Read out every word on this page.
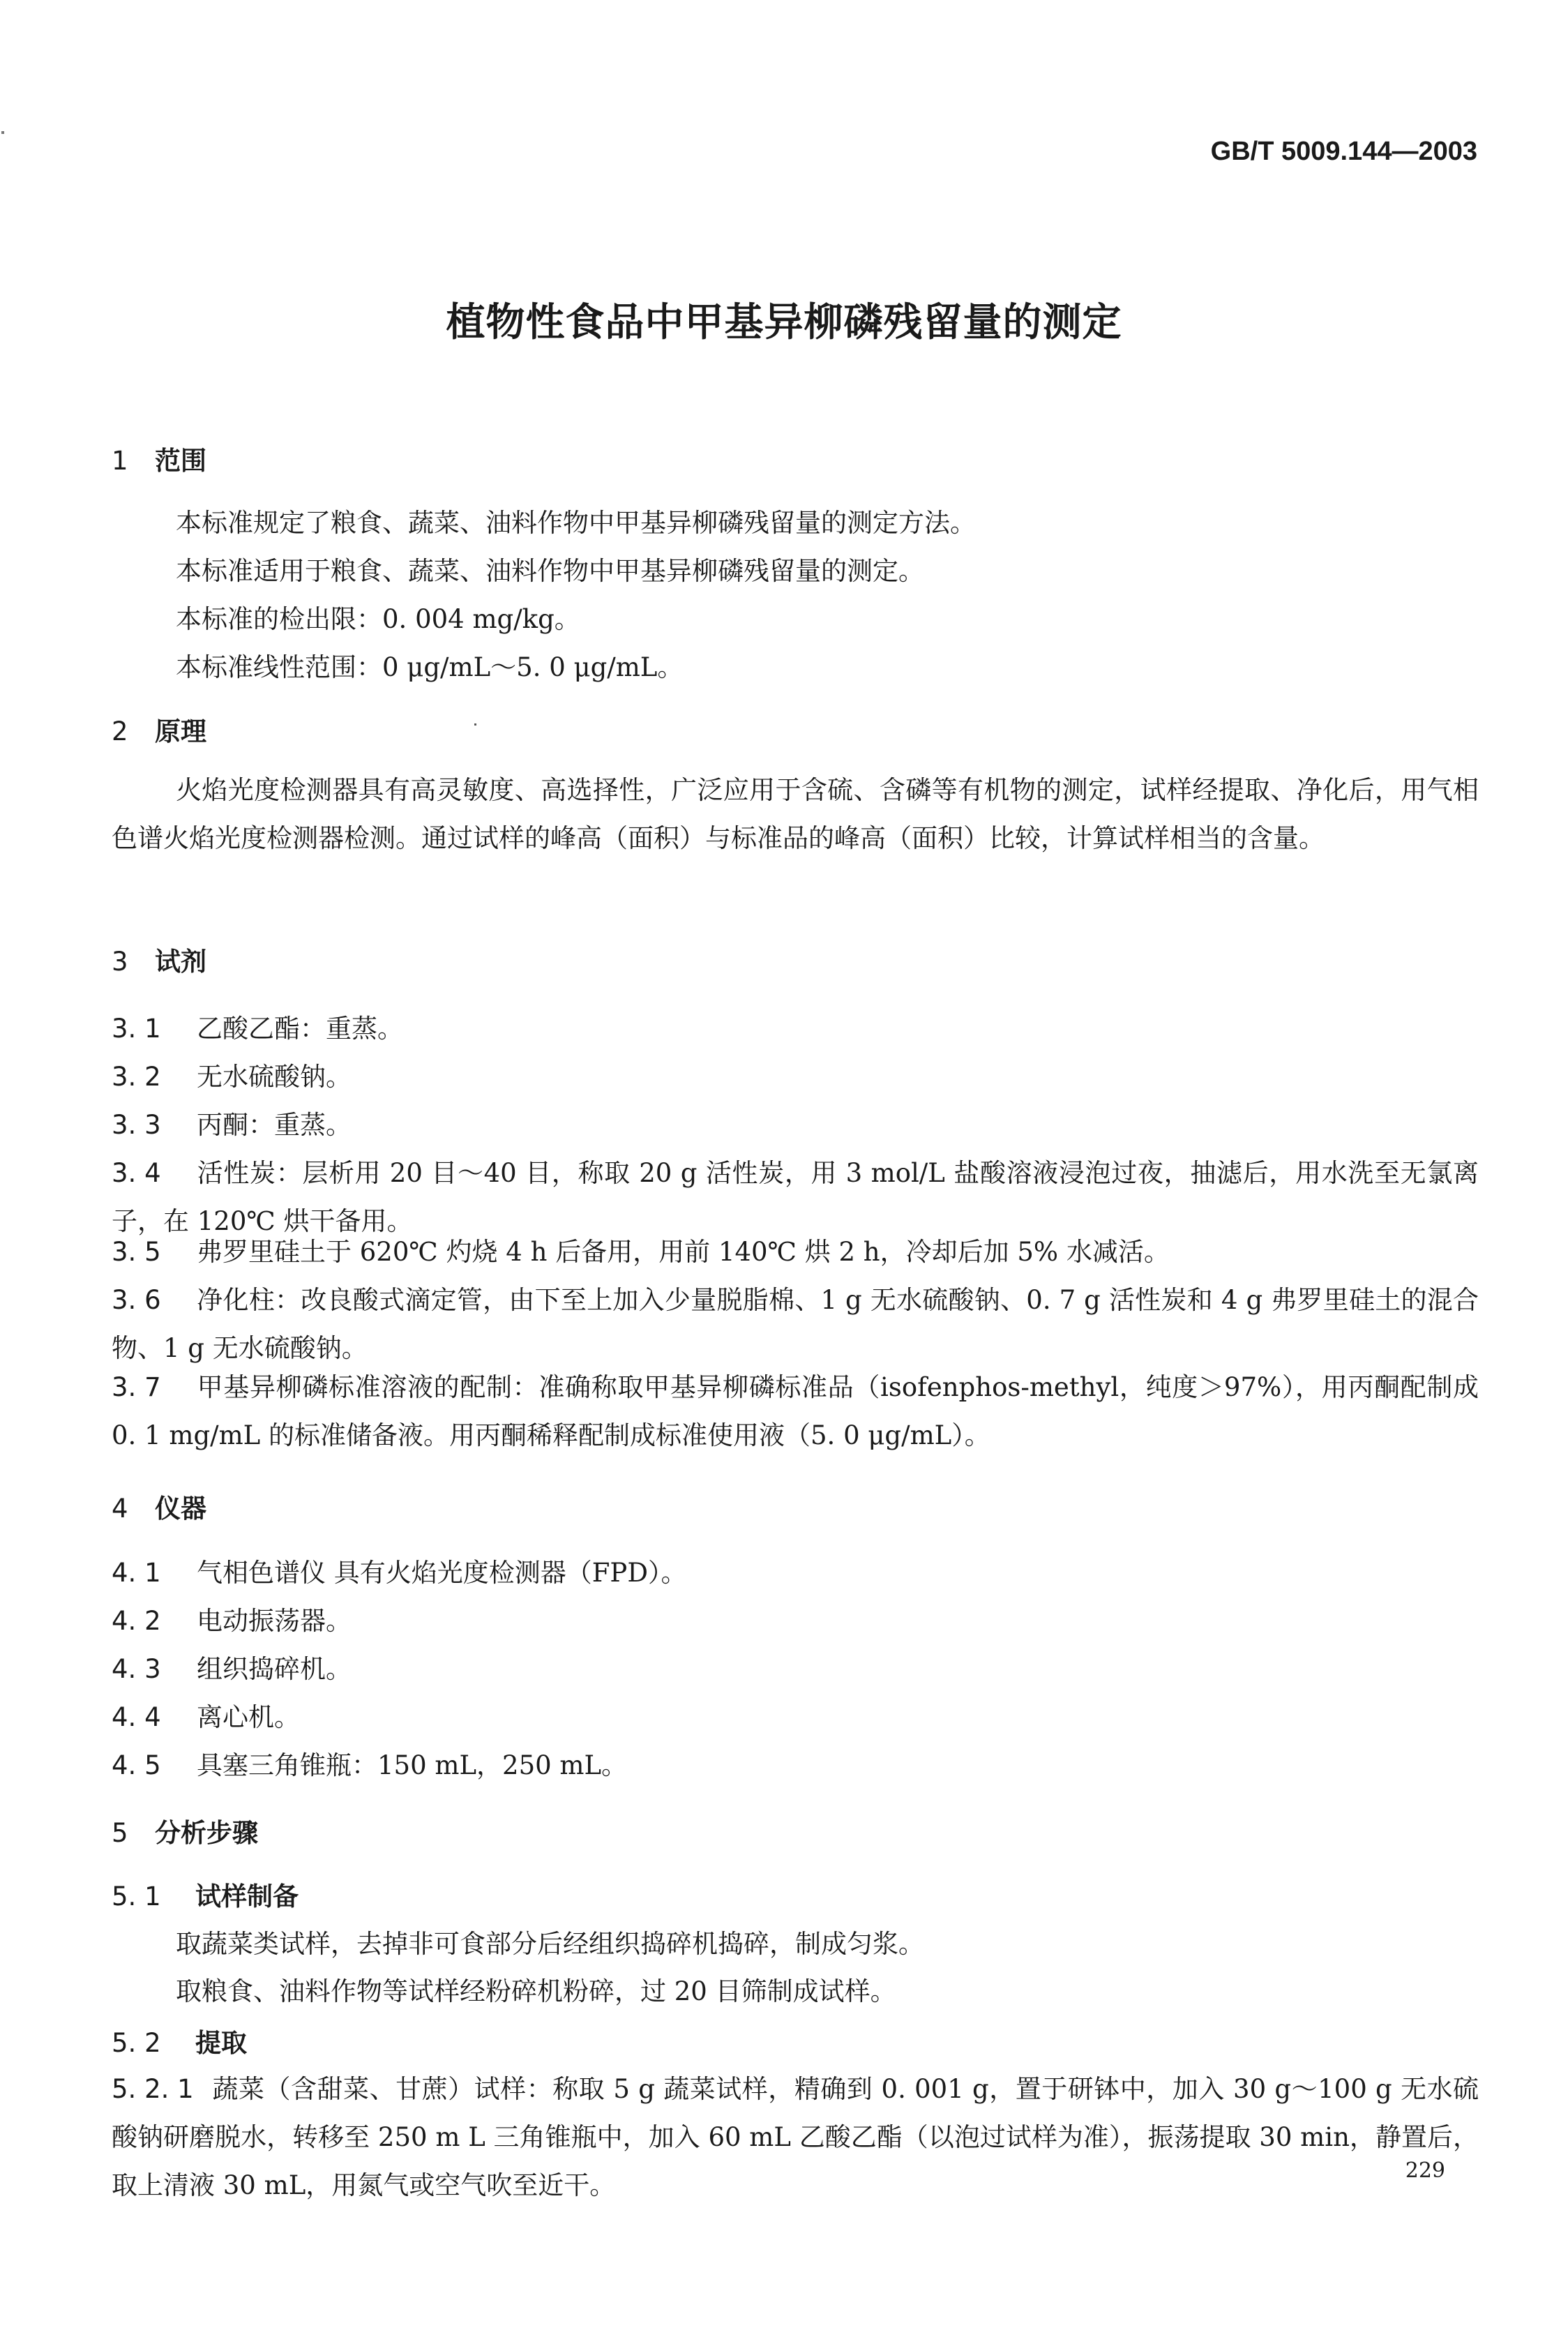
GB/T 5009.144—2003
植物性食品中甲基异柳磷残留量的测定
1 范围
本标准规定了粮食、蔬菜、油料作物中甲基异柳磷残留量的测定方法。
本标准适用于粮食、蔬菜、油料作物中甲基异柳磷残留量的测定。
本标准的检出限：0. 004 mg/kg。
本标准线性范围：0 μg/mL～5. 0 μg/mL。
2 原理
火焰光度检测器具有高灵敏度、高选择性，广泛应用于含硫、含磷等有机物的测定，试样经提取、净化后，用气相色谱火焰光度检测器检测。通过试样的峰高（面积）与标准品的峰高（面积）比较，计算试样相当的含量。
3 试剂
3. 1 乙酸乙酯：重蒸。
3. 2 无水硫酸钠。
3. 3 丙酮：重蒸。
3. 4 活性炭：层析用 20 目～40 目，称取 20 g 活性炭，用 3 mol/L 盐酸溶液浸泡过夜，抽滤后，用水洗至无氯离子，在 120℃ 烘干备用。
3. 5 弗罗里硅土于 620℃ 灼烧 4 h 后备用，用前 140℃ 烘 2 h，冷却后加 5% 水减活。
3. 6 净化柱：改良酸式滴定管，由下至上加入少量脱脂棉、1 g 无水硫酸钠、0. 7 g 活性炭和 4 g 弗罗里硅土的混合物、1 g 无水硫酸钠。
3. 7 甲基异柳磷标准溶液的配制：准确称取甲基异柳磷标准品（isofenphos-methyl，纯度＞97%），用丙酮配制成 0. 1 mg/mL 的标准储备液。用丙酮稀释配制成标准使用液（5. 0 μg/mL）。
4 仪器
4. 1 气相色谱仪 具有火焰光度检测器（FPD）。
4. 2 电动振荡器。
4. 3 组织捣碎机。
4. 4 离心机。
4. 5 具塞三角锥瓶：150 mL，250 mL。
5 分析步骤
5. 1 试样制备
取蔬菜类试样，去掉非可食部分后经组织捣碎机捣碎，制成匀浆。
取粮食、油料作物等试样经粉碎机粉碎，过 20 目筛制成试样。
5. 2 提取
5. 2. 1 蔬菜（含甜菜、甘蔗）试样：称取 5 g 蔬菜试样，精确到 0. 001 g，置于研钵中，加入 30 g～100 g 无水硫酸钠研磨脱水，转移至 250 m L 三角锥瓶中，加入 60 mL 乙酸乙酯（以泡过试样为准），振荡提取 30 min，静置后，取上清液 30 mL，用氮气或空气吹至近干。	229
